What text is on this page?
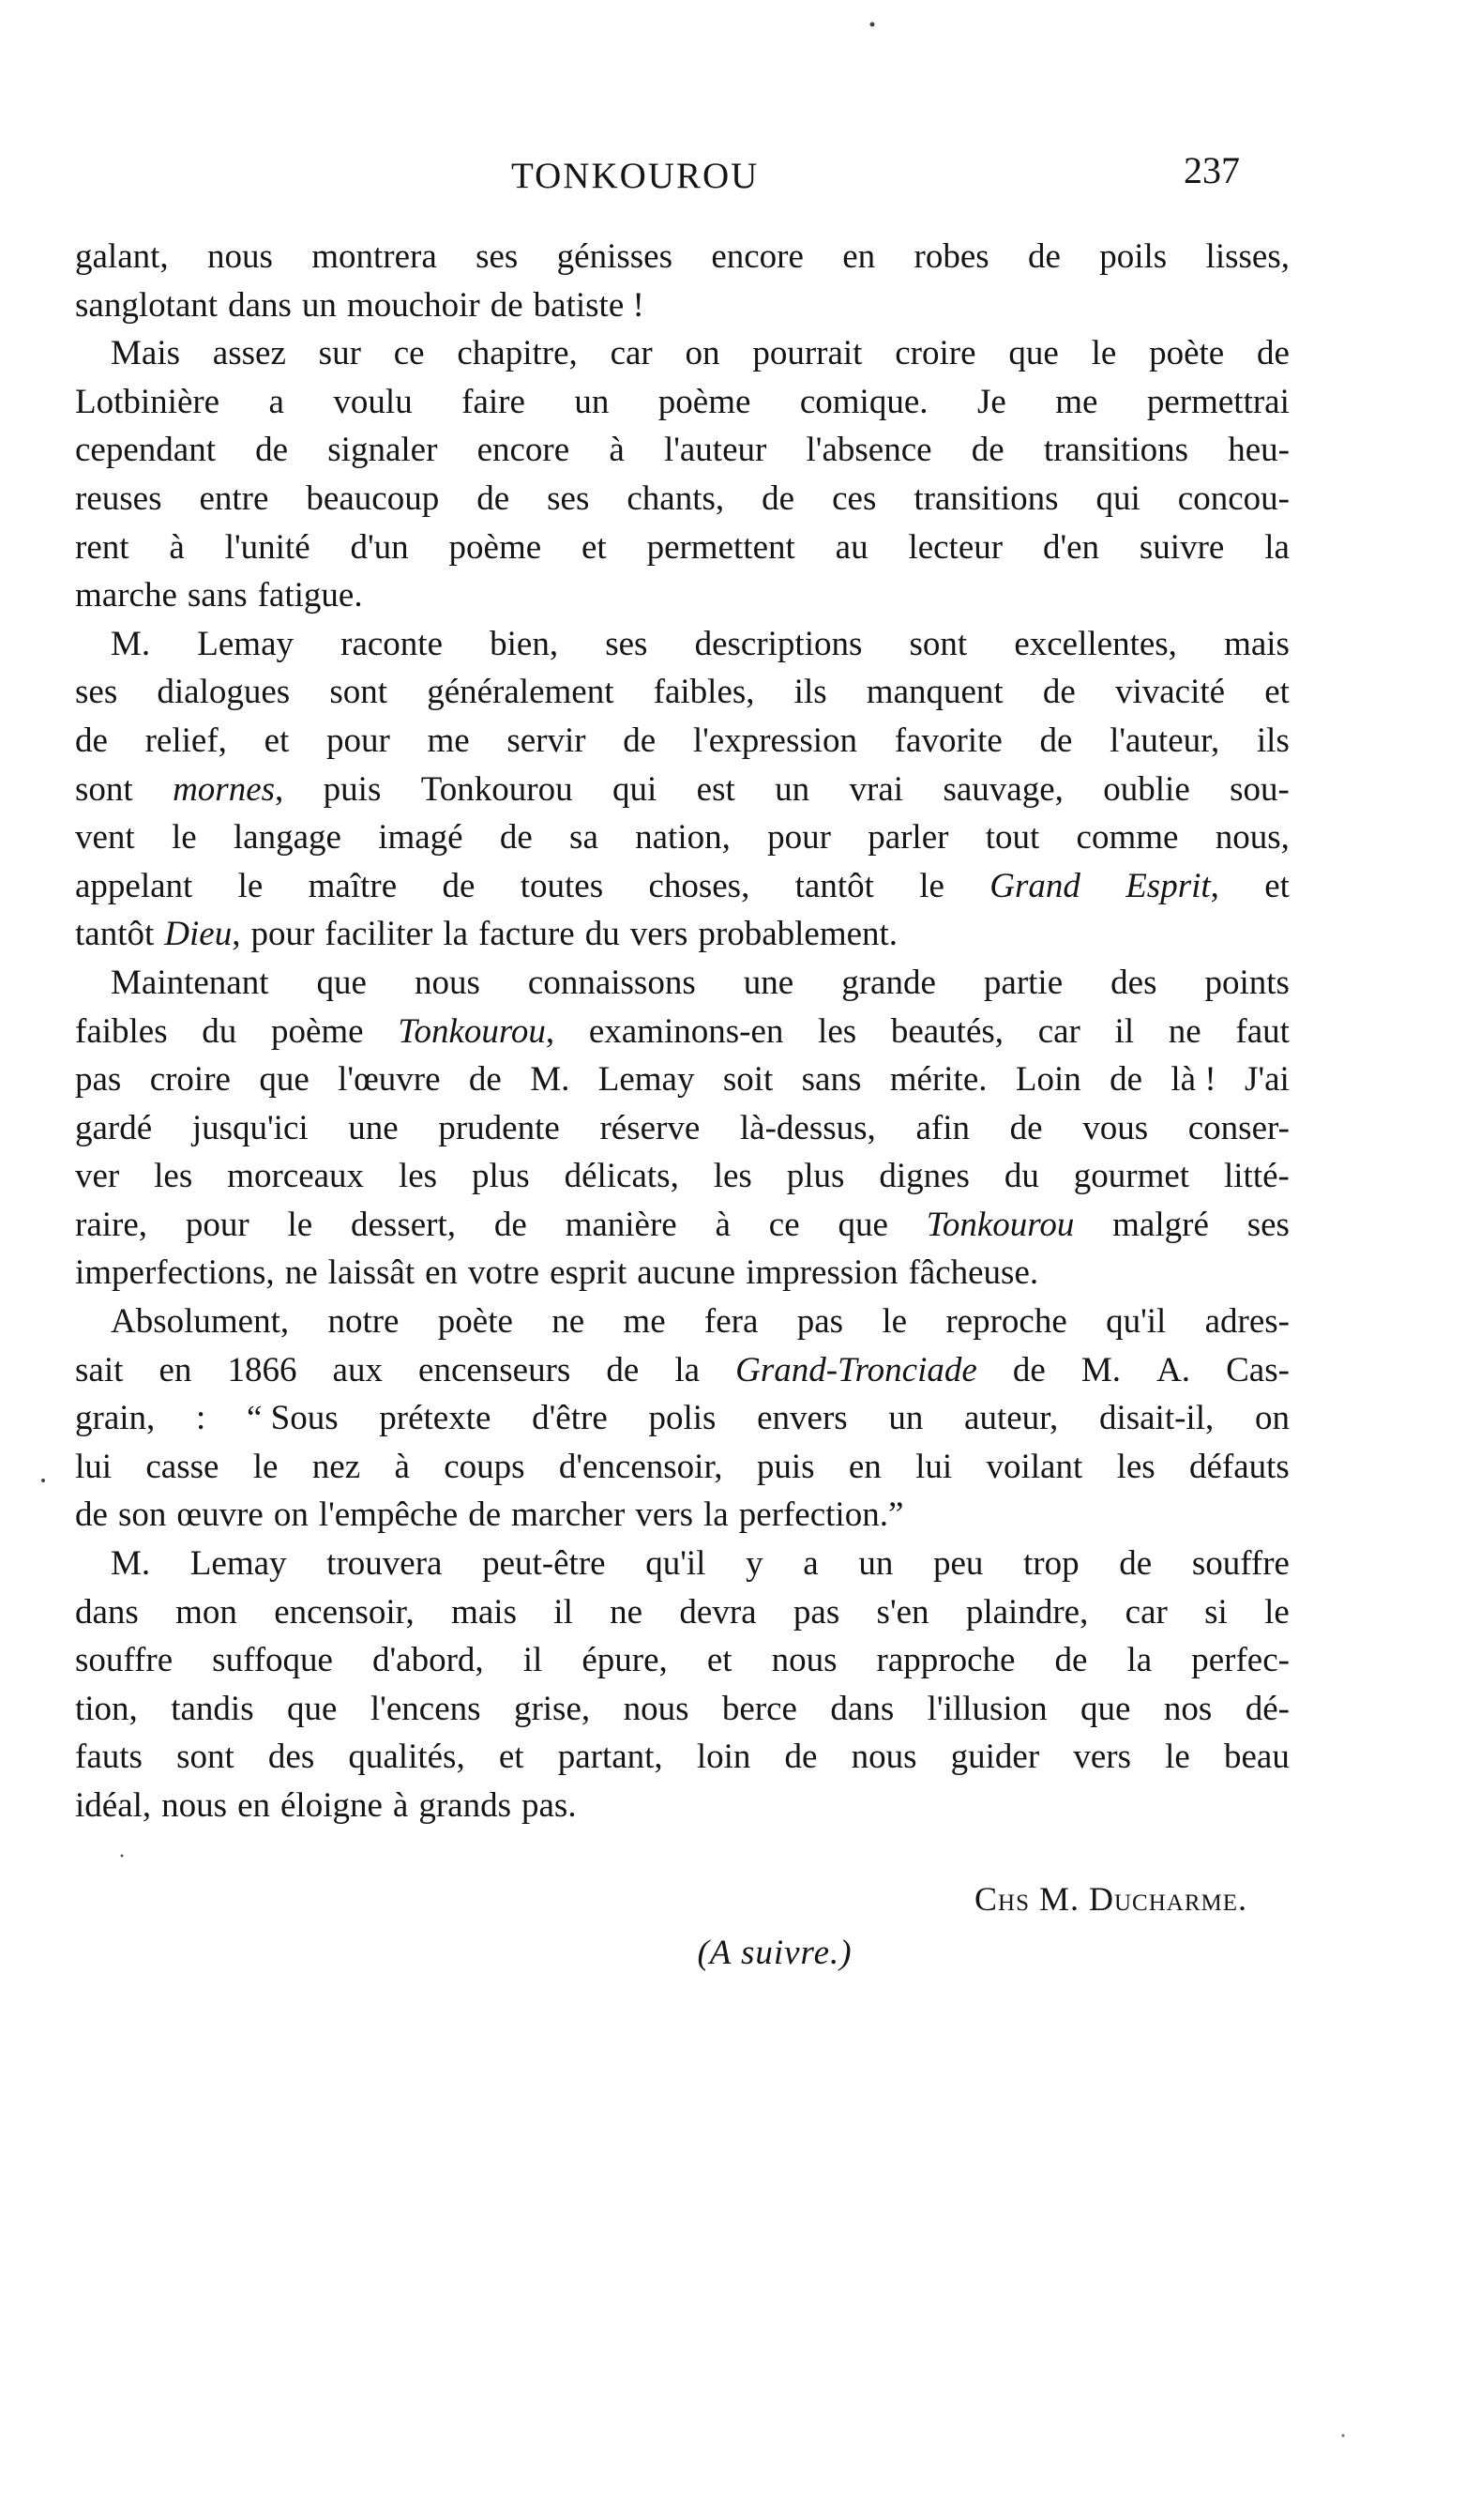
TONKOUROU	237
galant, nous montrera ses génisses encore en robes de poils lisses,
sanglotant dans un mouchoir de batiste !
Mais assez sur ce chapitre, car on pourrait croire que le poète de
Lotbinière a voulu faire un poème comique. Je me permettrai
cependant de signaler encore à l'auteur l'absence de transitions heu-
reuses entre beaucoup de ses chants, de ces transitions qui concou-
rent à l'unité d'un poème et permettent au lecteur d'en suivre la
marche sans fatigue.
M. Lemay raconte bien, ses descriptions sont excellentes, mais
ses dialogues sont généralement faibles, ils manquent de vivacité et
de relief, et pour me servir de l'expression favorite de l'auteur, ils
sont mornes, puis Tonkourou qui est un vrai sauvage, oublie sou-
vent le langage imagé de sa nation, pour parler tout comme nous,
appelant le maître de toutes choses, tantôt le Grand Esprit, et
tantôt Dieu, pour faciliter la facture du vers probablement.
Maintenant que nous connaissons une grande partie des points
faibles du poème Tonkourou, examinons-en les beautés, car il ne faut
pas croire que l'œuvre de M. Lemay soit sans mérite. Loin de là ! J'ai
gardé jusqu'ici une prudente réserve là-dessus, afin de vous conser-
ver les morceaux les plus délicats, les plus dignes du gourmet litté-
raire, pour le dessert, de manière à ce que Tonkourou malgré ses
imperfections, ne laissât en votre esprit aucune impression fâcheuse.
Absolument, notre poète ne me fera pas le reproche qu'il adres-
sait en 1866 aux encenseurs de la Grand-Tronciade de M. A. Cas-
grain, : “ Sous prétexte d'être polis envers un auteur, disait-il, on
lui casse le nez à coups d'encensoir, puis en lui voilant les défauts
de son œuvre on l'empêche de marcher vers la perfection.”
M. Lemay trouvera peut-être qu'il y a un peu trop de souffre
dans mon encensoir, mais il ne devra pas s'en plaindre, car si le
souffre suffoque d'abord, il épure, et nous rapproche de la perfec-
tion, tandis que l'encens grise, nous berce dans l'illusion que nos dé-
fauts sont des qualités, et partant, loin de nous guider vers le beau
idéal, nous en éloigne à grands pas.
Chs M. Ducharme.
(A suivre.)
